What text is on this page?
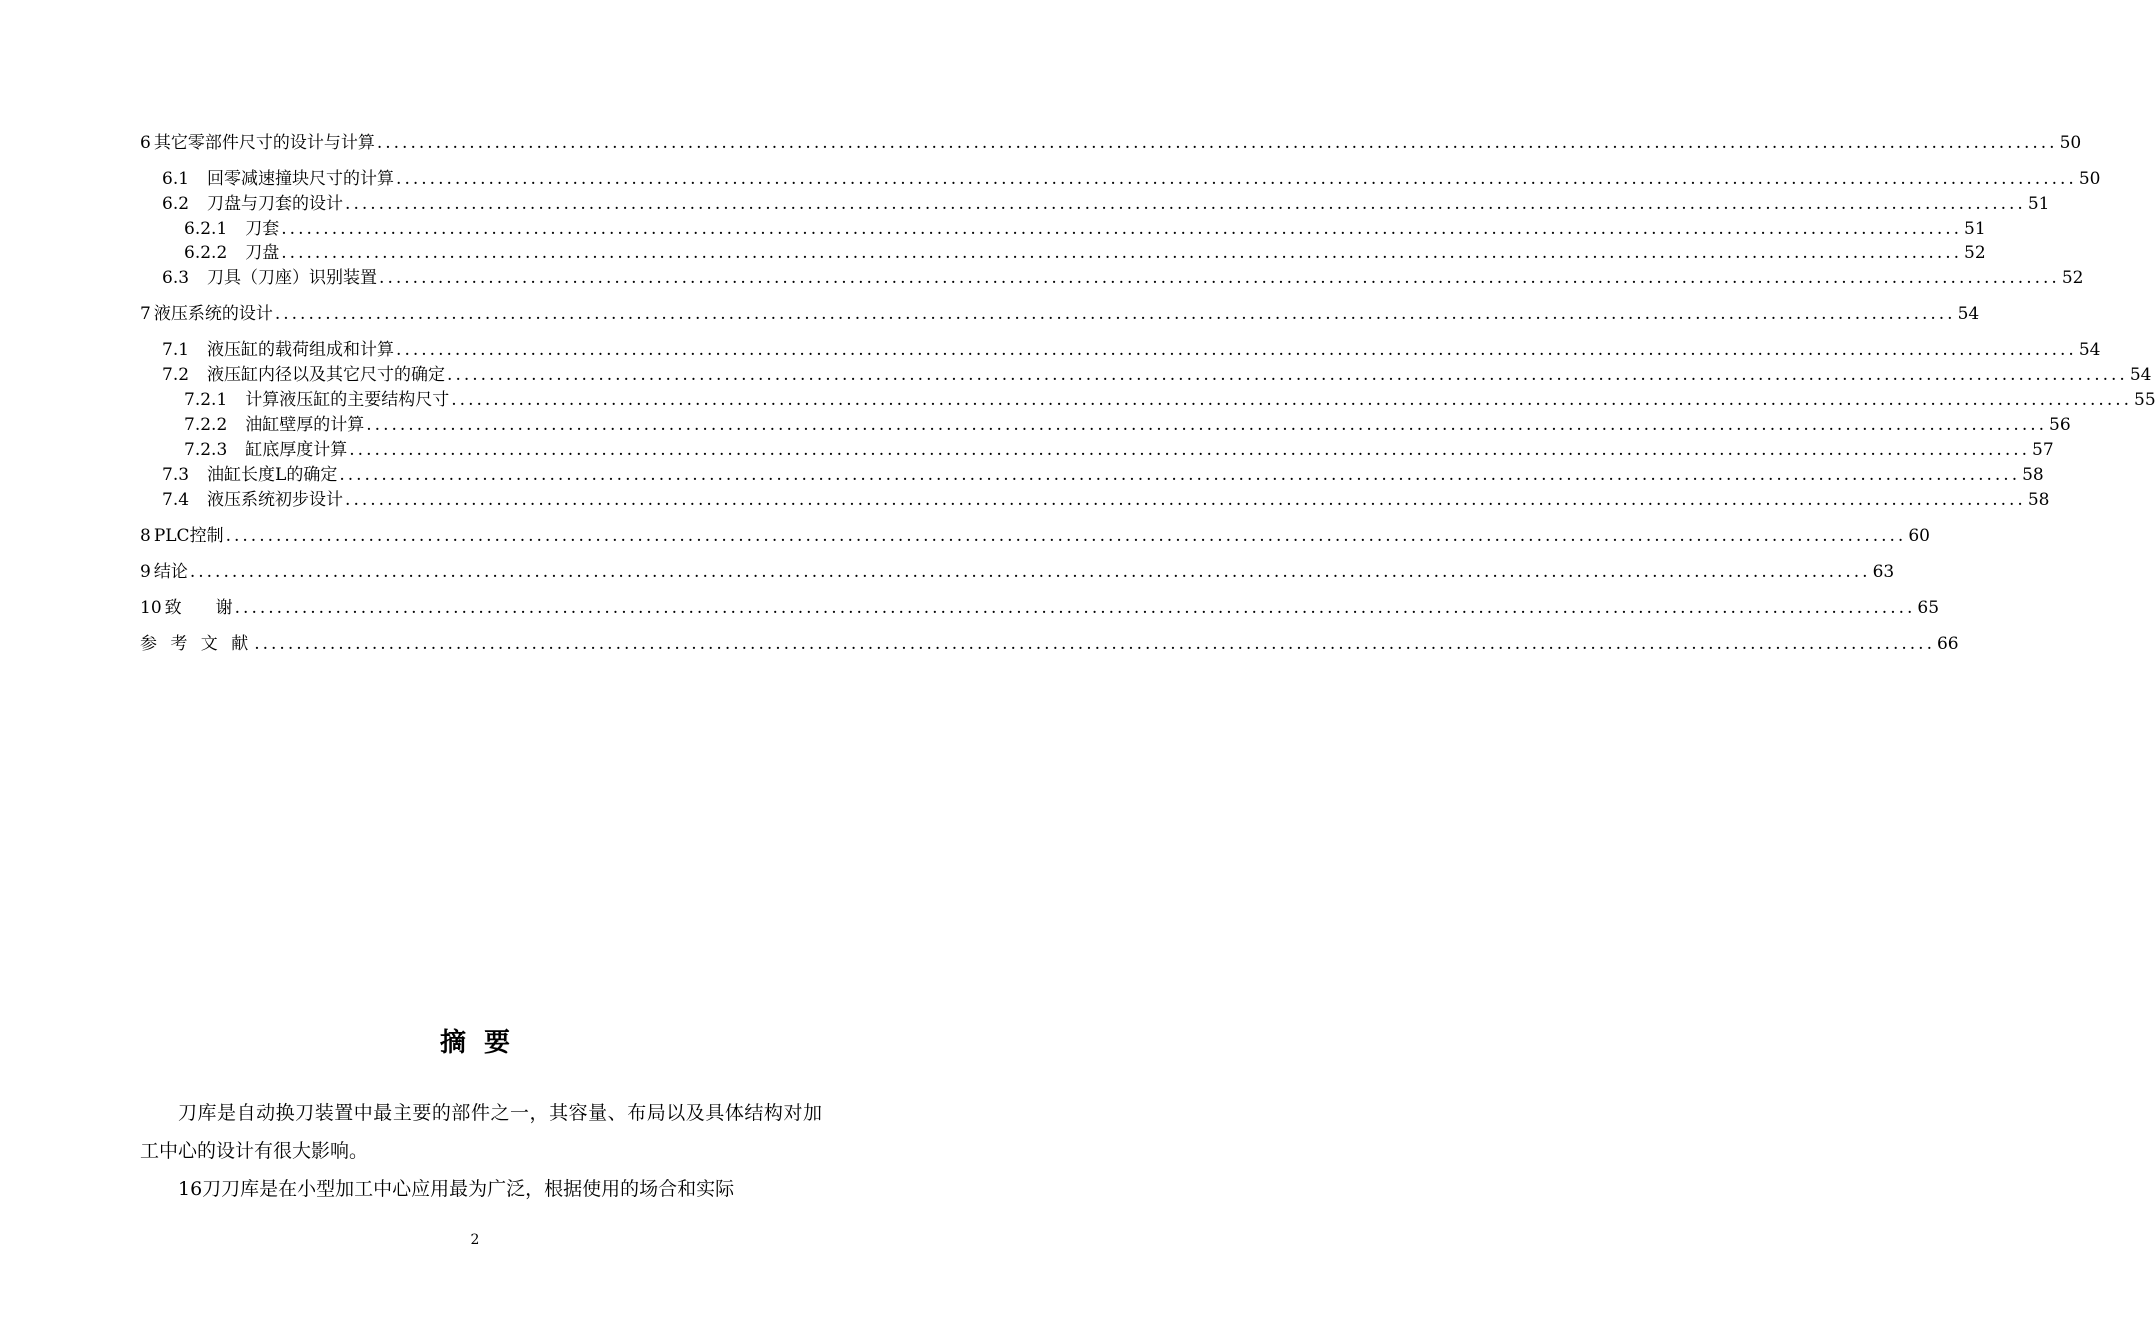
6 其它零部件尺寸的设计与计算 ........................................................................................................................................................................................................ 50
6.1 回零减速撞块尺寸的计算 ........................................................................................................................................................................................................ 50
6.2 刀盘与刀套的设计 ........................................................................................................................................................................................................ 51
6.2.1 刀套 ........................................................................................................................................................................................................ 51
6.2.2 刀盘 ........................................................................................................................................................................................................ 52
6.3 刀具（刀座）识别装置 ........................................................................................................................................................................................................ 52
7 液压系统的设计 ........................................................................................................................................................................................................ 54
7.1 液压缸的载荷组成和计算 ........................................................................................................................................................................................................ 54
7.2 液压缸内径以及其它尺寸的确定 ........................................................................................................................................................................................................ 54
7.2.1 计算液压缸的主要结构尺寸 ........................................................................................................................................................................................................ 55
7.2.2 油缸壁厚的计算 ........................................................................................................................................................................................................ 56
7.2.3 缸底厚度计算 ........................................................................................................................................................................................................ 57
7.3 油缸长度L的确定 ........................................................................................................................................................................................................ 58
7.4 液压系统初步设计 ........................................................................................................................................................................................................ 58
8 PLC控制 ........................................................................................................................................................................................................ 60
9 结论 ........................................................................................................................................................................................................ 63
10 致　　谢 ........................................................................................................................................................................................................ 65
参 考 文 献 ........................................................................................................................................................................................................ 66
摘要

刀库是自动换刀装置中最主要的部件之一，其容量、布局以及具体结构对加工中心的设计有很大影响。

16刀刀库是在小型加工中心应用最为广泛，根据使用的场合和实际

2
